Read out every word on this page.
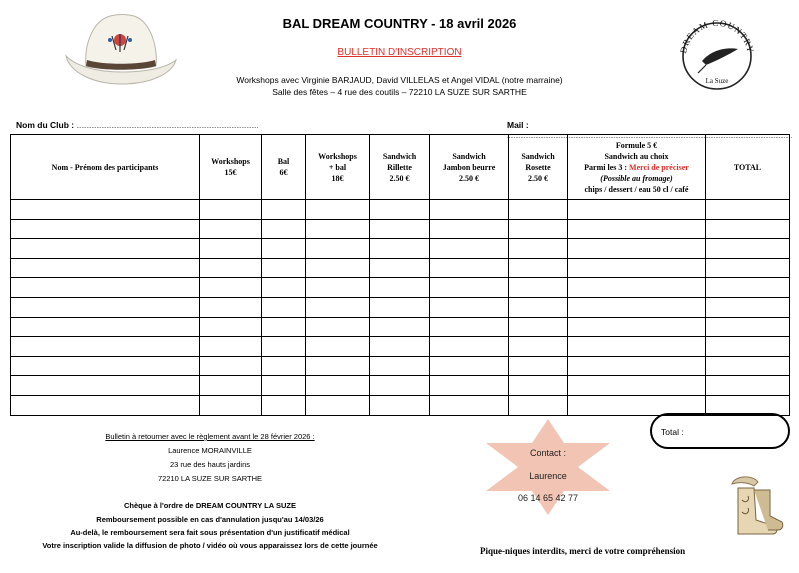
DREAM COUNTRY
La Suze
BAL DREAM COUNTRY - 18 avril 2026
BULLETIN D'INSCRIPTION
Workshops avec Virginie BARJAUD, David VILLELAS et Angel VIDAL (notre marraine)
Salle des fêtes – 4 rue des coutils – 72210 LA SUZE SUR SARTHE
Nom du Club : .............................................................................................................	Mail : ...........................................................................................................................................................................
Nom - Prénom des participants	Workshops
15€	Bal
6€	Workshops
+ bal
18€	Sandwich
Rillette
2.50 €	Sandwich
Jambon beurre
2.50 €	Sandwich
Rosette
2.50 €	Formule 5 €
Sandwich au choix
Parmi les 3 : Merci de préciser
(Possible au fromage)
chips / dessert / eau 50 cl / café	TOTAL

Bulletin à retourner avec le règlement avant le 28 février 2026 :
Laurence MORAINVILLE
23 rue des hauts jardins
72210 LA SUZE SUR SARTHE
Chèque à l'ordre de DREAM COUNTRY LA SUZE
Remboursement possible en cas d'annulation jusqu'au 14/03/26
Au-delà, le remboursement sera fait sous présentation d'un justificatif médical
Votre inscription valide la diffusion de photo / vidéo où vous apparaissez lors de cette journée
Contact :
Laurence
06 14 65 42 77
Total :
Pique-niques interdits, merci de votre compréhension
